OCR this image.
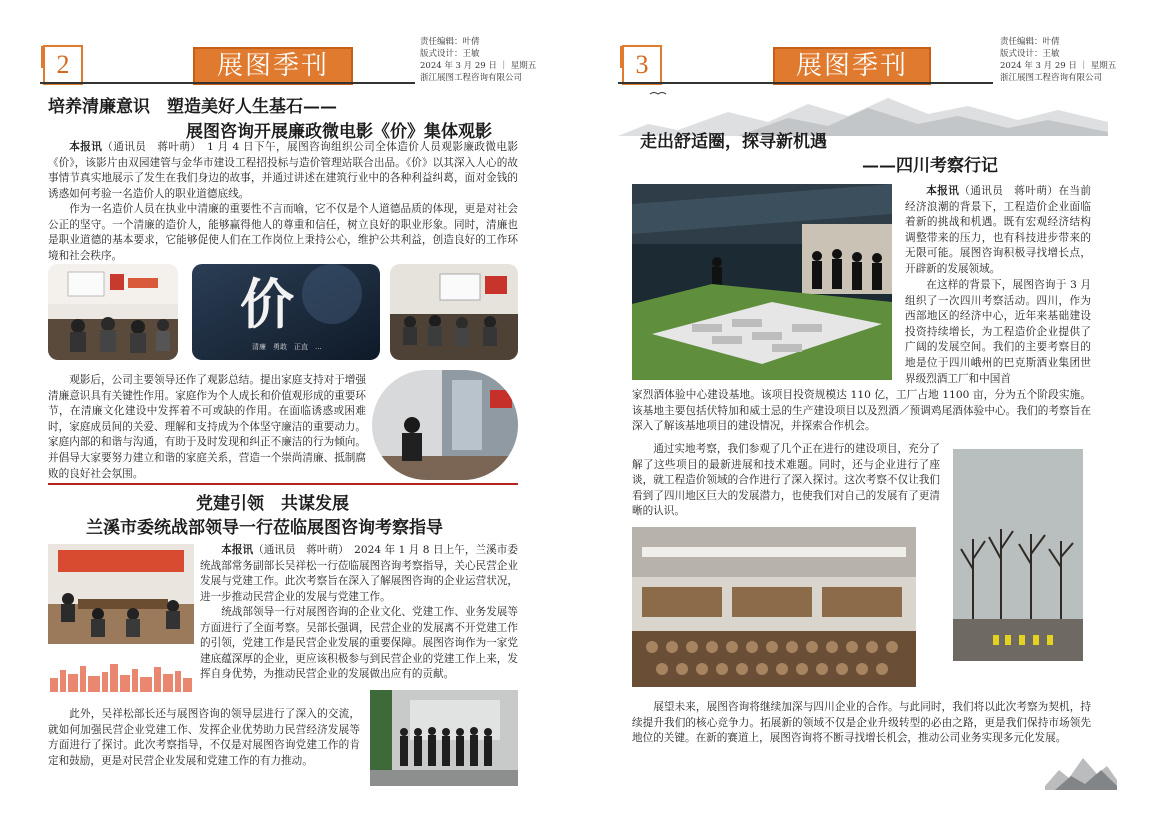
2	展图季刊
责任编辑：叶倩
版式设计：王敏
2024 年 3 月 29 日 ｜ 星期五
浙江展图工程咨询有限公司
培养清廉意识　塑造美好人生基石——
展图咨询开展廉政微电影《价》集体观影
本报讯（通讯员　蒋叶萌）　1 月 4 日下午，展图咨询组织公司全体造价人员观影廉政微电影《价》，该影片由双园建管与金华市建设工程招投标与造价管理站联合出品。《价》以其深入人心的故事情节真实地展示了发生在我们身边的故事，并通过讲述在建筑行业中的各种利益纠葛，面对金钱的诱惑如何考验一名造价人的职业道德底线。
作为一名造价人员在执业中清廉的重要性不言而喻，它不仅是个人道德品质的体现，更是对社会公正的坚守。一个清廉的造价人，能够赢得他人的尊重和信任，树立良好的职业形象。同时，清廉也是职业道德的基本要求，它能够促使人们在工作岗位上秉持公心，维护公共利益，创造良好的工作环境和社会秩序。
价
清廉　勇敢　正直　...
观影后，公司主要领导还作了观影总结。提出家庭支持对于增强清廉意识具有关键性作用。家庭作为个人成长和价值观形成的重要环节，在清廉文化建设中发挥着不可或缺的作用。在面临诱惑或困难时，家庭成员间的关爱、理解和支持成为个体坚守廉洁的重要动力。家庭内部的和谐与沟通，有助于及时发现和纠正不廉洁的行为倾向。并倡导大家要努力建立和谐的家庭关系，营造一个崇尚清廉、抵制腐败的良好社会氛围。
党建引领　共谋发展
兰溪市委统战部领导一行莅临展图咨询考察指导
本报讯（通讯员　蒋叶萌）　2024 年 1 月 8 日上午，兰溪市委统战部常务副部长吴祥松一行莅临展图咨询考察指导，关心民营企业发展与党建工作。此次考察旨在深入了解展图咨询的企业运营状况，进一步推动民营企业的发展与党建工作。
统战部领导一行对展图咨询的企业文化、党建工作、业务发展等方面进行了全面考察。吴部长强调，民营企业的发展离不开党建工作的引领，党建工作是民营企业发展的重要保障。展图咨询作为一家党建底蕴深厚的企业，更应该积极参与到民营企业的党建工作上来，发挥自身优势，为推动民营企业的发展做出应有的贡献。
此外，吴祥松部长还与展图咨询的领导层进行了深入的交流，就如何加强民营企业党建工作、发挥企业优势助力民营经济发展等方面进行了探讨。此次考察指导，不仅是对展图咨询党建工作的肯定和鼓励，更是对民营企业发展和党建工作的有力推动。
3	展图季刊
责任编辑：叶倩
版式设计：王敏
2024 年 3 月 29 日 ｜ 星期五
浙江展图工程咨询有限公司
走出舒适圈，探寻新机遇
——四川考察行记
本报讯（通讯员　蒋叶萌）在当前经济浪潮的背景下，工程造价企业面临着新的挑战和机遇。既有宏观经济结构调整带来的压力，也有科技进步带来的无限可能。展图咨询积极寻找增长点，开辟新的发展领域。
在这样的背景下，展图咨询于 3 月组织了一次四川考察活动。四川，作为西部地区的经济中心，近年来基础建设投资持续增长，为工程造价企业提供了广阔的发展空间。我们的主要考察目的地是位于四川峨州的巴克斯酒业集团世界级烈酒工厂和中国首
家烈酒体验中心建设基地。该项目投资规模达 110 亿，工厂占地 1100 亩，分为五个阶段实施。该基地主要包括伏特加和威士忌的生产建设项目以及烈酒／预调鸡尾酒体验中心。我们的考察旨在深入了解该基地项目的建设情况，并探索合作机会。
通过实地考察，我们参观了几个正在进行的建设项目，充分了解了这些项目的最新进展和技术难题。同时，还与企业进行了座谈，就工程造价领域的合作进行了深入探讨。这次考察不仅让我们看到了四川地区巨大的发展潜力，也使我们对自己的发展有了更清晰的认识。
展望未来，展图咨询将继续加深与四川企业的合作。与此同时，我们将以此次考察为契机，持续提升我们的核心竞争力。拓展新的领域不仅是企业升级转型的必由之路，更是我们保持市场领先地位的关键。在新的赛道上，展图咨询将不断寻找增长机会，推动公司业务实现多元化发展。
